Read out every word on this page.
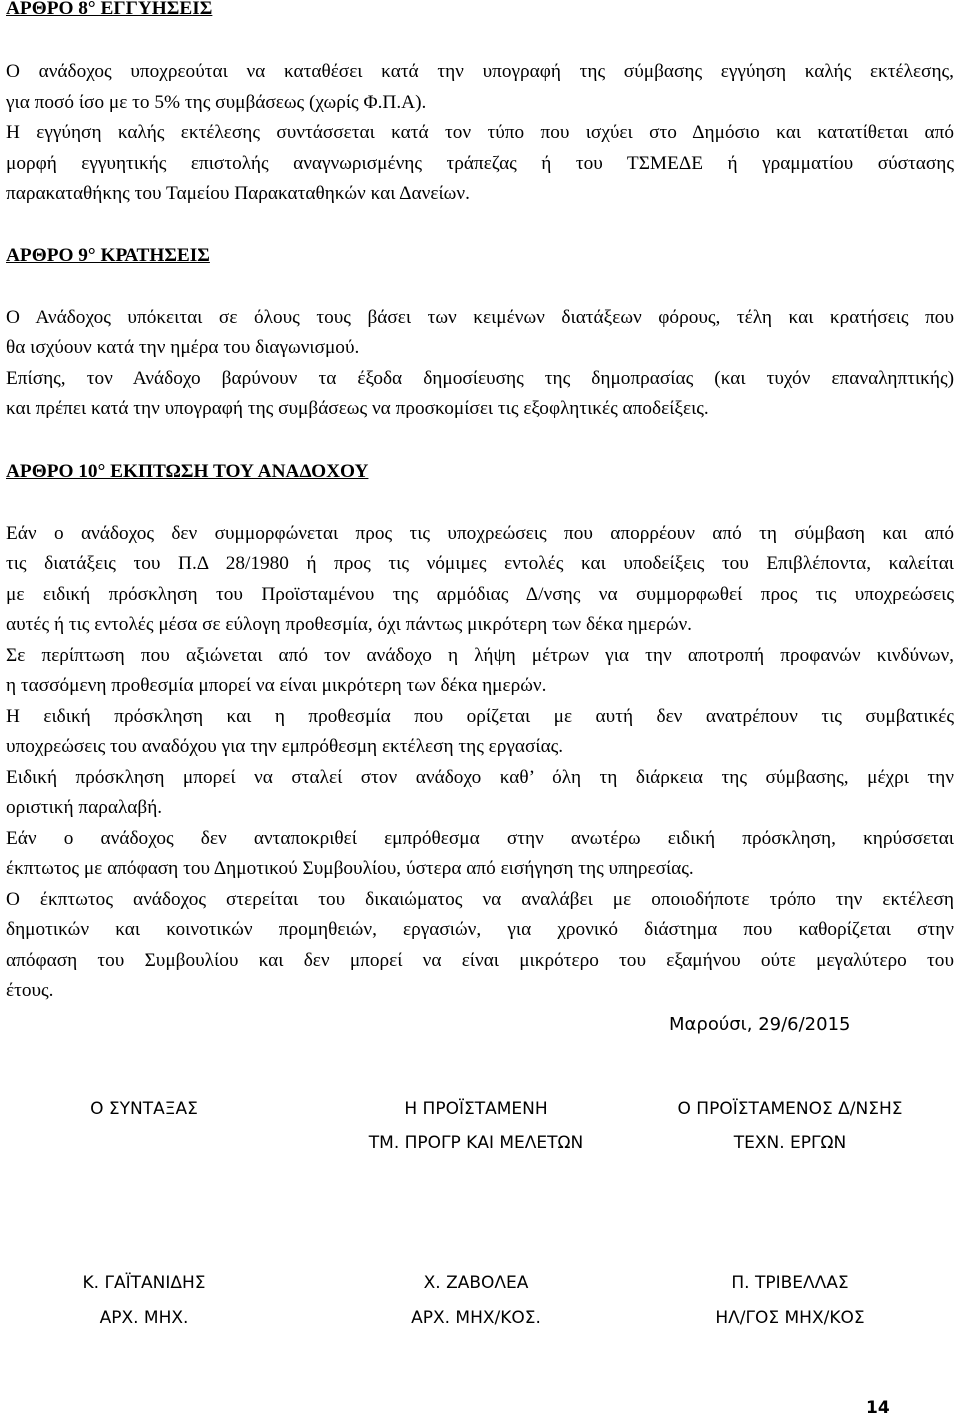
ΑΡΘΡΟ 8° ΕΓΓΥΗΣΕΙΣ
Ο ανάδοχος υποχρεούται να καταθέσει κατά την υπογραφή της σύμβασης εγγύηση καλής εκτέλεσης,
για ποσό ίσο με το 5% της συμβάσεως (χωρίς Φ.Π.Α).
Η εγγύηση καλής εκτέλεσης συντάσσεται κατά τον τύπο που ισχύει στο Δημόσιο και κατατίθεται από
μορφή εγγυητικής επιστολής αναγνωρισμένης τράπεζας ή του ΤΣΜΕΔΕ ή γραμματίου σύστασης
παρακαταθήκης του Ταμείου Παρακαταθηκών και Δανείων.
ΑΡΘΡΟ 9° ΚΡΑΤΗΣΕΙΣ
Ο Ανάδοχος υπόκειται σε όλους τους βάσει των κειμένων διατάξεων φόρους, τέλη και κρατήσεις που
θα ισχύουν κατά την ημέρα του διαγωνισμού.
Επίσης, τον Ανάδοχο βαρύνουν τα έξοδα δημοσίευσης της δημοπρασίας (και τυχόν επαναληπτικής)
και πρέπει κατά την υπογραφή της συμβάσεως να προσκομίσει τις εξοφλητικές αποδείξεις.
ΑΡΘΡΟ 10° ΕΚΠΤΩΣΗ ΤΟΥ ΑΝΑΔΟΧΟΥ
Εάν ο ανάδοχος δεν συμμορφώνεται προς τις υποχρεώσεις που απορρέουν από τη σύμβαση και από
τις διατάξεις του Π.Δ 28/1980 ή προς τις νόμιμες εντολές και υποδείξεις του Επιβλέποντα, καλείται
με ειδική πρόσκληση του Προϊσταμένου της αρμόδιας Δ/νσης να συμμορφωθεί προς τις υποχρεώσεις
αυτές ή τις εντολές μέσα σε εύλογη προθεσμία, όχι πάντως μικρότερη των δέκα ημερών.
Σε περίπτωση που αξιώνεται από τον ανάδοχο η λήψη μέτρων για την αποτροπή προφανών κινδύνων,
η τασσόμενη προθεσμία μπορεί να είναι μικρότερη των δέκα ημερών.
Η ειδική πρόσκληση και η προθεσμία που ορίζεται με αυτή δεν ανατρέπουν τις συμβατικές
υποχρεώσεις του αναδόχου για την εμπρόθεσμη εκτέλεση της εργασίας.
Ειδική πρόσκληση μπορεί να σταλεί στον ανάδοχο καθ’ όλη τη διάρκεια της σύμβασης, μέχρι την
οριστική παραλαβή.
Εάν ο ανάδοχος δεν ανταποκριθεί εμπρόθεσμα στην ανωτέρω ειδική πρόσκληση, κηρύσσεται
έκπτωτος με απόφαση του Δημοτικού Συμβουλίου, ύστερα από εισήγηση της υπηρεσίας.
Ο έκπτωτος ανάδοχος στερείται του δικαιώματος να αναλάβει με οποιοδήποτε τρόπο την εκτέλεση
δημοτικών και κοινοτικών προμηθειών, εργασιών, για χρονικό διάστημα που καθορίζεται στην
απόφαση του Συμβουλίου και δεν μπορεί να είναι μικρότερο του εξαμήνου ούτε μεγαλύτερο του
έτους.
Μαρούσι, 29/6/2015
Ο ΣΥΝΤΑΞΑΣ
Κ. ΓΑΪΤΑΝΙΔΗΣ
ΑΡΧ. ΜΗΧ.
Η ΠΡΟΪΣΤΑΜΕΝΗ
ΤΜ. ΠΡΟΓΡ ΚΑΙ ΜΕΛΕΤΩΝ
Χ. ΖΑΒΟΛΕΑ
ΑΡΧ. ΜΗΧ/ΚΟΣ.
Ο ΠΡΟΪΣΤΑΜΕΝΟΣ Δ/ΝΣΗΣ
ΤΕΧΝ. ΕΡΓΩΝ
Π. ΤΡΙΒΕΛΛΑΣ
ΗΛ/ΓΟΣ ΜΗΧ/ΚΟΣ
14
